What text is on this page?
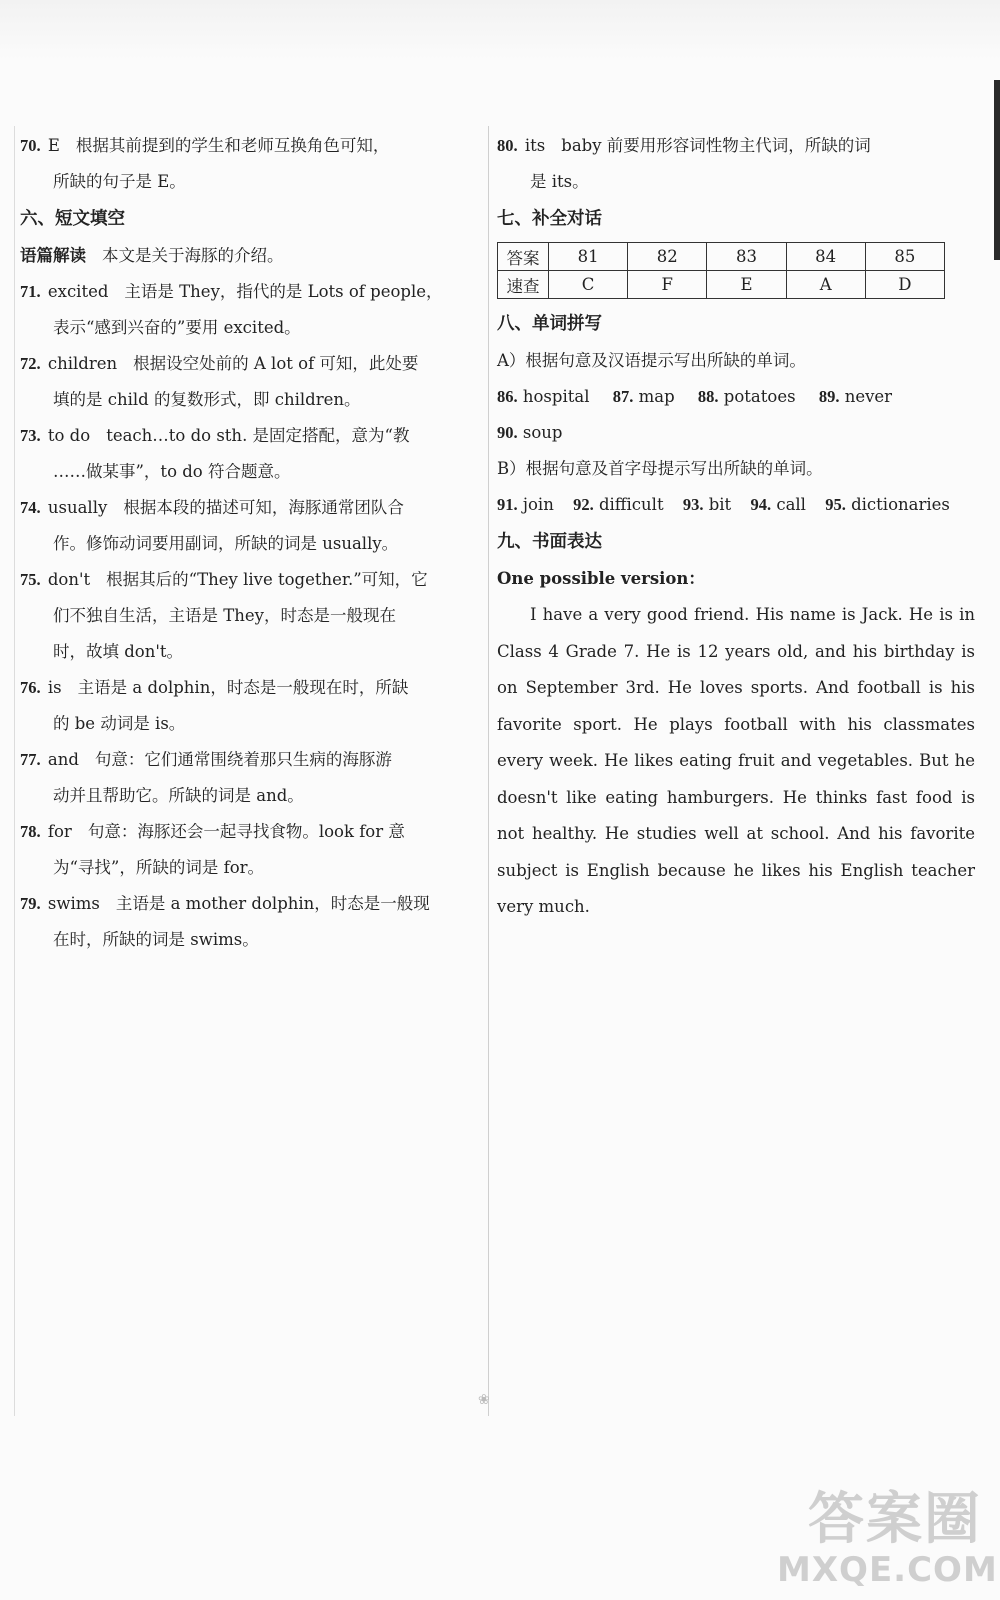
70. E 根据其前提到的学生和老师互换角色可知，
所缺的句子是 E。
六、短文填空
语篇解读 本文是关于海豚的介绍。
71. excited 主语是 They，指代的是 Lots of people，
表示“感到兴奋的”要用 excited。
72. children 根据设空处前的 A lot of 可知，此处要
填的是 child 的复数形式，即 children。
73. to do teach…to do sth. 是固定搭配，意为“教
……做某事”，to do 符合题意。
74. usually 根据本段的描述可知，海豚通常团队合
作。修饰动词要用副词，所缺的词是 usually。
75. don't 根据其后的“They live together.”可知，它
们不独自生活，主语是 They，时态是一般现在
时，故填 don't。
76. is 主语是 a dolphin，时态是一般现在时，所缺
的 be 动词是 is。
77. and 句意：它们通常围绕着那只生病的海豚游
动并且帮助它。所缺的词是 and。
78. for 句意：海豚还会一起寻找食物。look for 意
为“寻找”，所缺的词是 for。
79. swims 主语是 a mother dolphin，时态是一般现
在时，所缺的词是 swims。
80. its baby 前要用形容词性物主代词，所缺的词
是 its。
七、补全对话
答案	81	82	83	84	85
速查	C	F	E	A	D
八、单词拼写
A）根据句意及汉语提示写出所缺的单词。
86. hospital 87. map 88. potatoes 89. never
90. soup
B）根据句意及首字母提示写出所缺的单词。
91. join 92. difficult 93. bit 94. call 95. dictionaries
九、书面表达
One possible version：
I have a very good friend. His name is Jack. He is in Class 4 Grade 7. He is 12 years old, and his birthday is on September 3rd. He loves sports. And football is his favorite sport. He plays football with his classmates every week. He likes eating fruit and vegetables. But he doesn't like eating hamburgers. He thinks fast food is not healthy. He studies well at school. And his favorite subject is English because he likes his English teacher very much.
❀
答案圈
MXQE.COM
